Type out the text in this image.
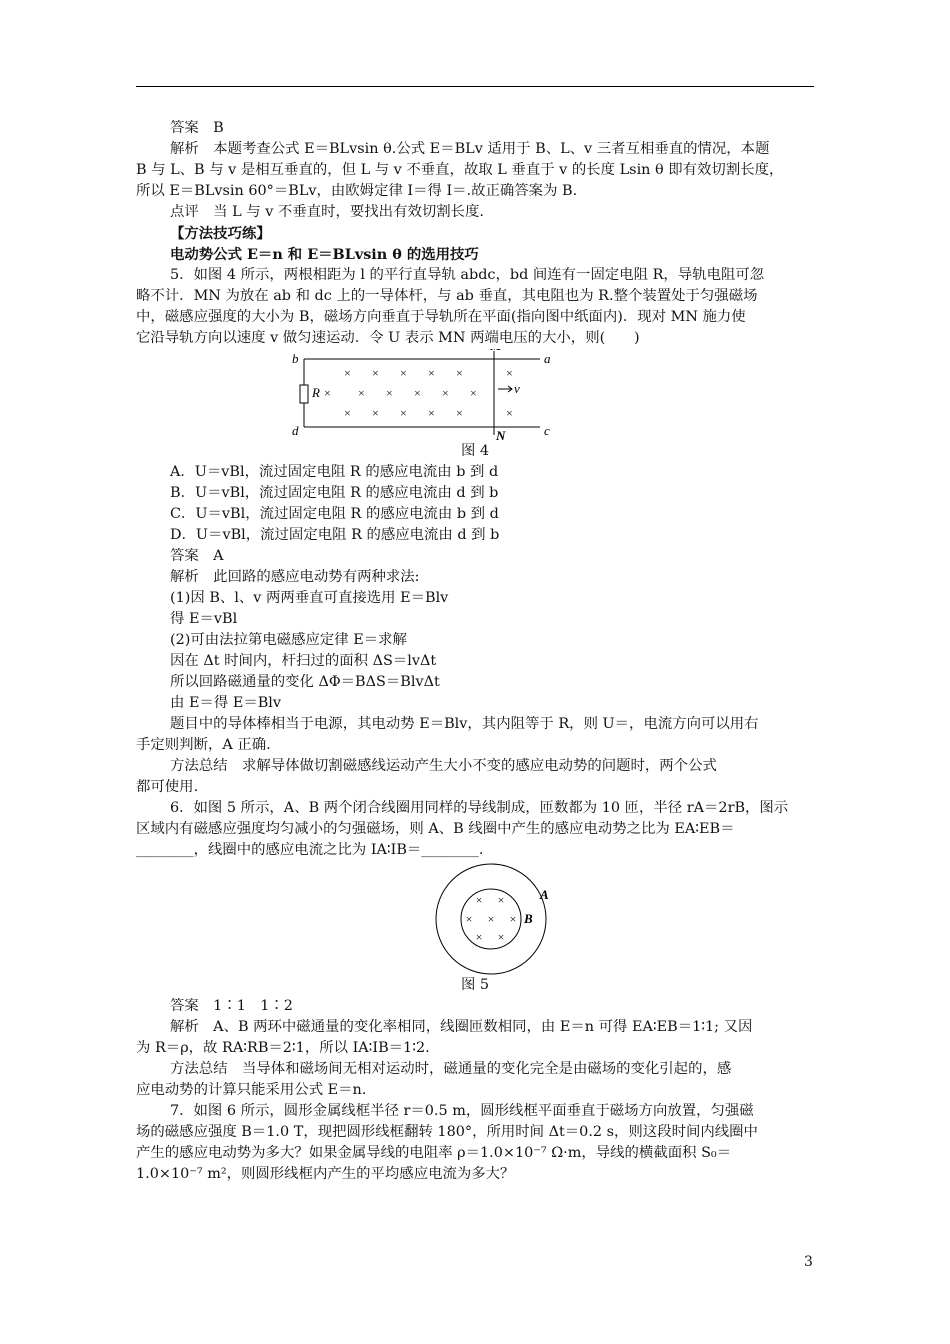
答案　B
解析　本题考查公式 E＝BLvsin θ.公式 E＝BLv 适用于 B、L、v 三者互相垂直的情况，本题
B 与 L、B 与 v 是相互垂直的，但 L 与 v 不垂直，故取 L 垂直于 v 的长度 Lsin θ 即有效切割长度，
所以 E＝BLvsin 60°＝BLv，由欧姆定律 I＝得 I＝.故正确答案为 B.
点评　当 L 与 v 不垂直时，要找出有效切割长度.
【方法技巧练】
电动势公式 E＝n 和 E＝BLvsin θ 的选用技巧
5．如图 4 所示，两根相距为 l 的平行直导轨 abdc，bd 间连有一固定电阻 R，导轨电阻可忽
略不计．MN 为放在 ab 和 dc 上的一导体杆，与 ab 垂直，其电阻也为 R.整个装置处于匀强磁场
中，磁感应强度的大小为 B，磁场方向垂直于导轨所在平面(指向图中纸面内)．现对 MN 施力使
它沿导轨方向以速度 v 做匀速运动．令 U 表示 MN 两端电压的大小，则(　　)
b	a
d	c
N
R	v
× × × × ×	×
× × × × × ×
× × × × ×	×
图 4
A．U＝vBl，流过固定电阻 R 的感应电流由 b 到 d
B．U＝vBl，流过固定电阻 R 的感应电流由 d 到 b
C．U＝vBl，流过固定电阻 R 的感应电流由 b 到 d
D．U＝vBl，流过固定电阻 R 的感应电流由 d 到 b
答案　A
解析　此回路的感应电动势有两种求法:
(1)因 B、l、v 两两垂直可直接选用 E＝Blv
得 E＝vBl
(2)可由法拉第电磁感应定律 E＝求解
因在 Δt 时间内，杆扫过的面积 ΔS＝lvΔt
所以回路磁通量的变化 ΔΦ＝BΔS＝BlvΔt
由 E＝得 E＝Blv
题目中的导体棒相当于电源，其电动势 E＝Blv，其内阻等于 R，则 U＝，电流方向可以用右
手定则判断，A 正确.
方法总结　求解导体做切割磁感线运动产生大小不变的感应电动势的问题时，两个公式
都可使用.
6．如图 5 所示，A、B 两个闭合线圈用同样的导线制成，匝数都为 10 匝，半径 rA＝2rB，图示
区域内有磁感应强度均匀减小的匀强磁场，则 A、B 线圈中产生的感应电动势之比为 EA∶EB＝
________，线圈中的感应电流之比为 IA∶IB＝________.
A
B
× ×
× × ×
× ×
图 5
答案　1∶1　1∶2
解析　A、B 两环中磁通量的变化率相同，线圈匝数相同，由 E＝n 可得 EA∶EB＝1∶1; 又因
为 R＝ρ，故 RA∶RB＝2∶1，所以 IA∶IB＝1∶2.
方法总结　当导体和磁场间无相对运动时，磁通量的变化完全是由磁场的变化引起的，感
应电动势的计算只能采用公式 E＝n.
7．如图 6 所示，圆形金属线框半径 r＝0.5 m，圆形线框平面垂直于磁场方向放置，匀强磁
场的磁感应强度 B＝1.0 T，现把圆形线框翻转 180°，所用时间 Δt＝0.2 s，则这段时间内线圈中
产生的感应电动势为多大？如果金属导线的电阻率 ρ＝1.0×10⁻⁷ Ω·m，导线的横截面积 S₀＝
1.0×10⁻⁷ m²，则圆形线框内产生的平均感应电流为多大？
3
